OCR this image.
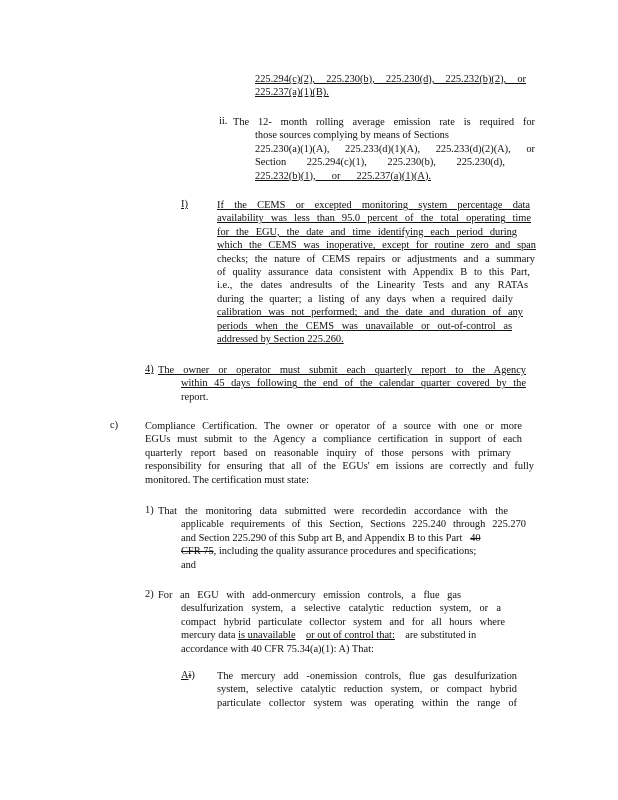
225.294(c)(2), 225.230(b), 225.230(d), 225.232(b)(2), or
225.237(a)(1)(B).
ii. The 12- month rolling average emission rate is required for
those sources complying by means of Sections
225.230(a)(1)(A), 225.233(d)(1)(A), 225.233(d)(2)(A), or
Section 225.294(c)(1), 225.230(b), 225.230(d),
225.232(b)(1), or 225.237(a)(1)(A).
I)	If the CEMS or excepted monitoring system percentage data
availability was less than 95.0 percent of the total operating time
for the EGU, the date and time identifying each period during
which the CEMS was inoperative, except for routine zero and span
checks; the nature of CEMS repairs or adjustments and a summary
of quality assurance data consistent with Appendix B to this Part,
i.e., the dates andresults of the Linearity Tests and any RATAs
during the quarter; a listing of any days when a required daily
calibration was not performed; and the date and duration of any
periods when the CEMS was unavailable or out-of-control as
addressed by Section 225.260.
4) The owner or operator must submit each quarterly report to the Agency
within 45 days following the end of the calendar quarter covered by the
report.
c)	Compliance Certification. The owner or operator of a source with one or more
EGUs must submit to the Agency a compliance certification in support of each
quarterly report based on reasonable inquiry of those persons with primary
responsibility for ensuring that all of the EGUs' em issions are correctly and fully
monitored. The certification must state:
1) That the monitoring data submitted were recordedin accordance with the
applicable requirements of this Section, Sections 225.240 through 225.270
and Section 225.290 of this Subp art B, and Appendix B to this Part 40
CFR 75, including the quality assurance procedures and specifications;
and
2) For an EGU with add-onmercury emission controls, a flue gas
desulfurization system, a selective catalytic reduction system, or a
compact hybrid particulate collector system and for all hours where
mercury data is unavailable or out of control that: are substituted in
accordance with 40 CFR 75.34(a)(1): A) That:
Ai) The mercury add -onemission controls, flue gas desulfurization
system, selective catalytic reduction system, or compact hybrid
particulate collector system was operating within the range of
